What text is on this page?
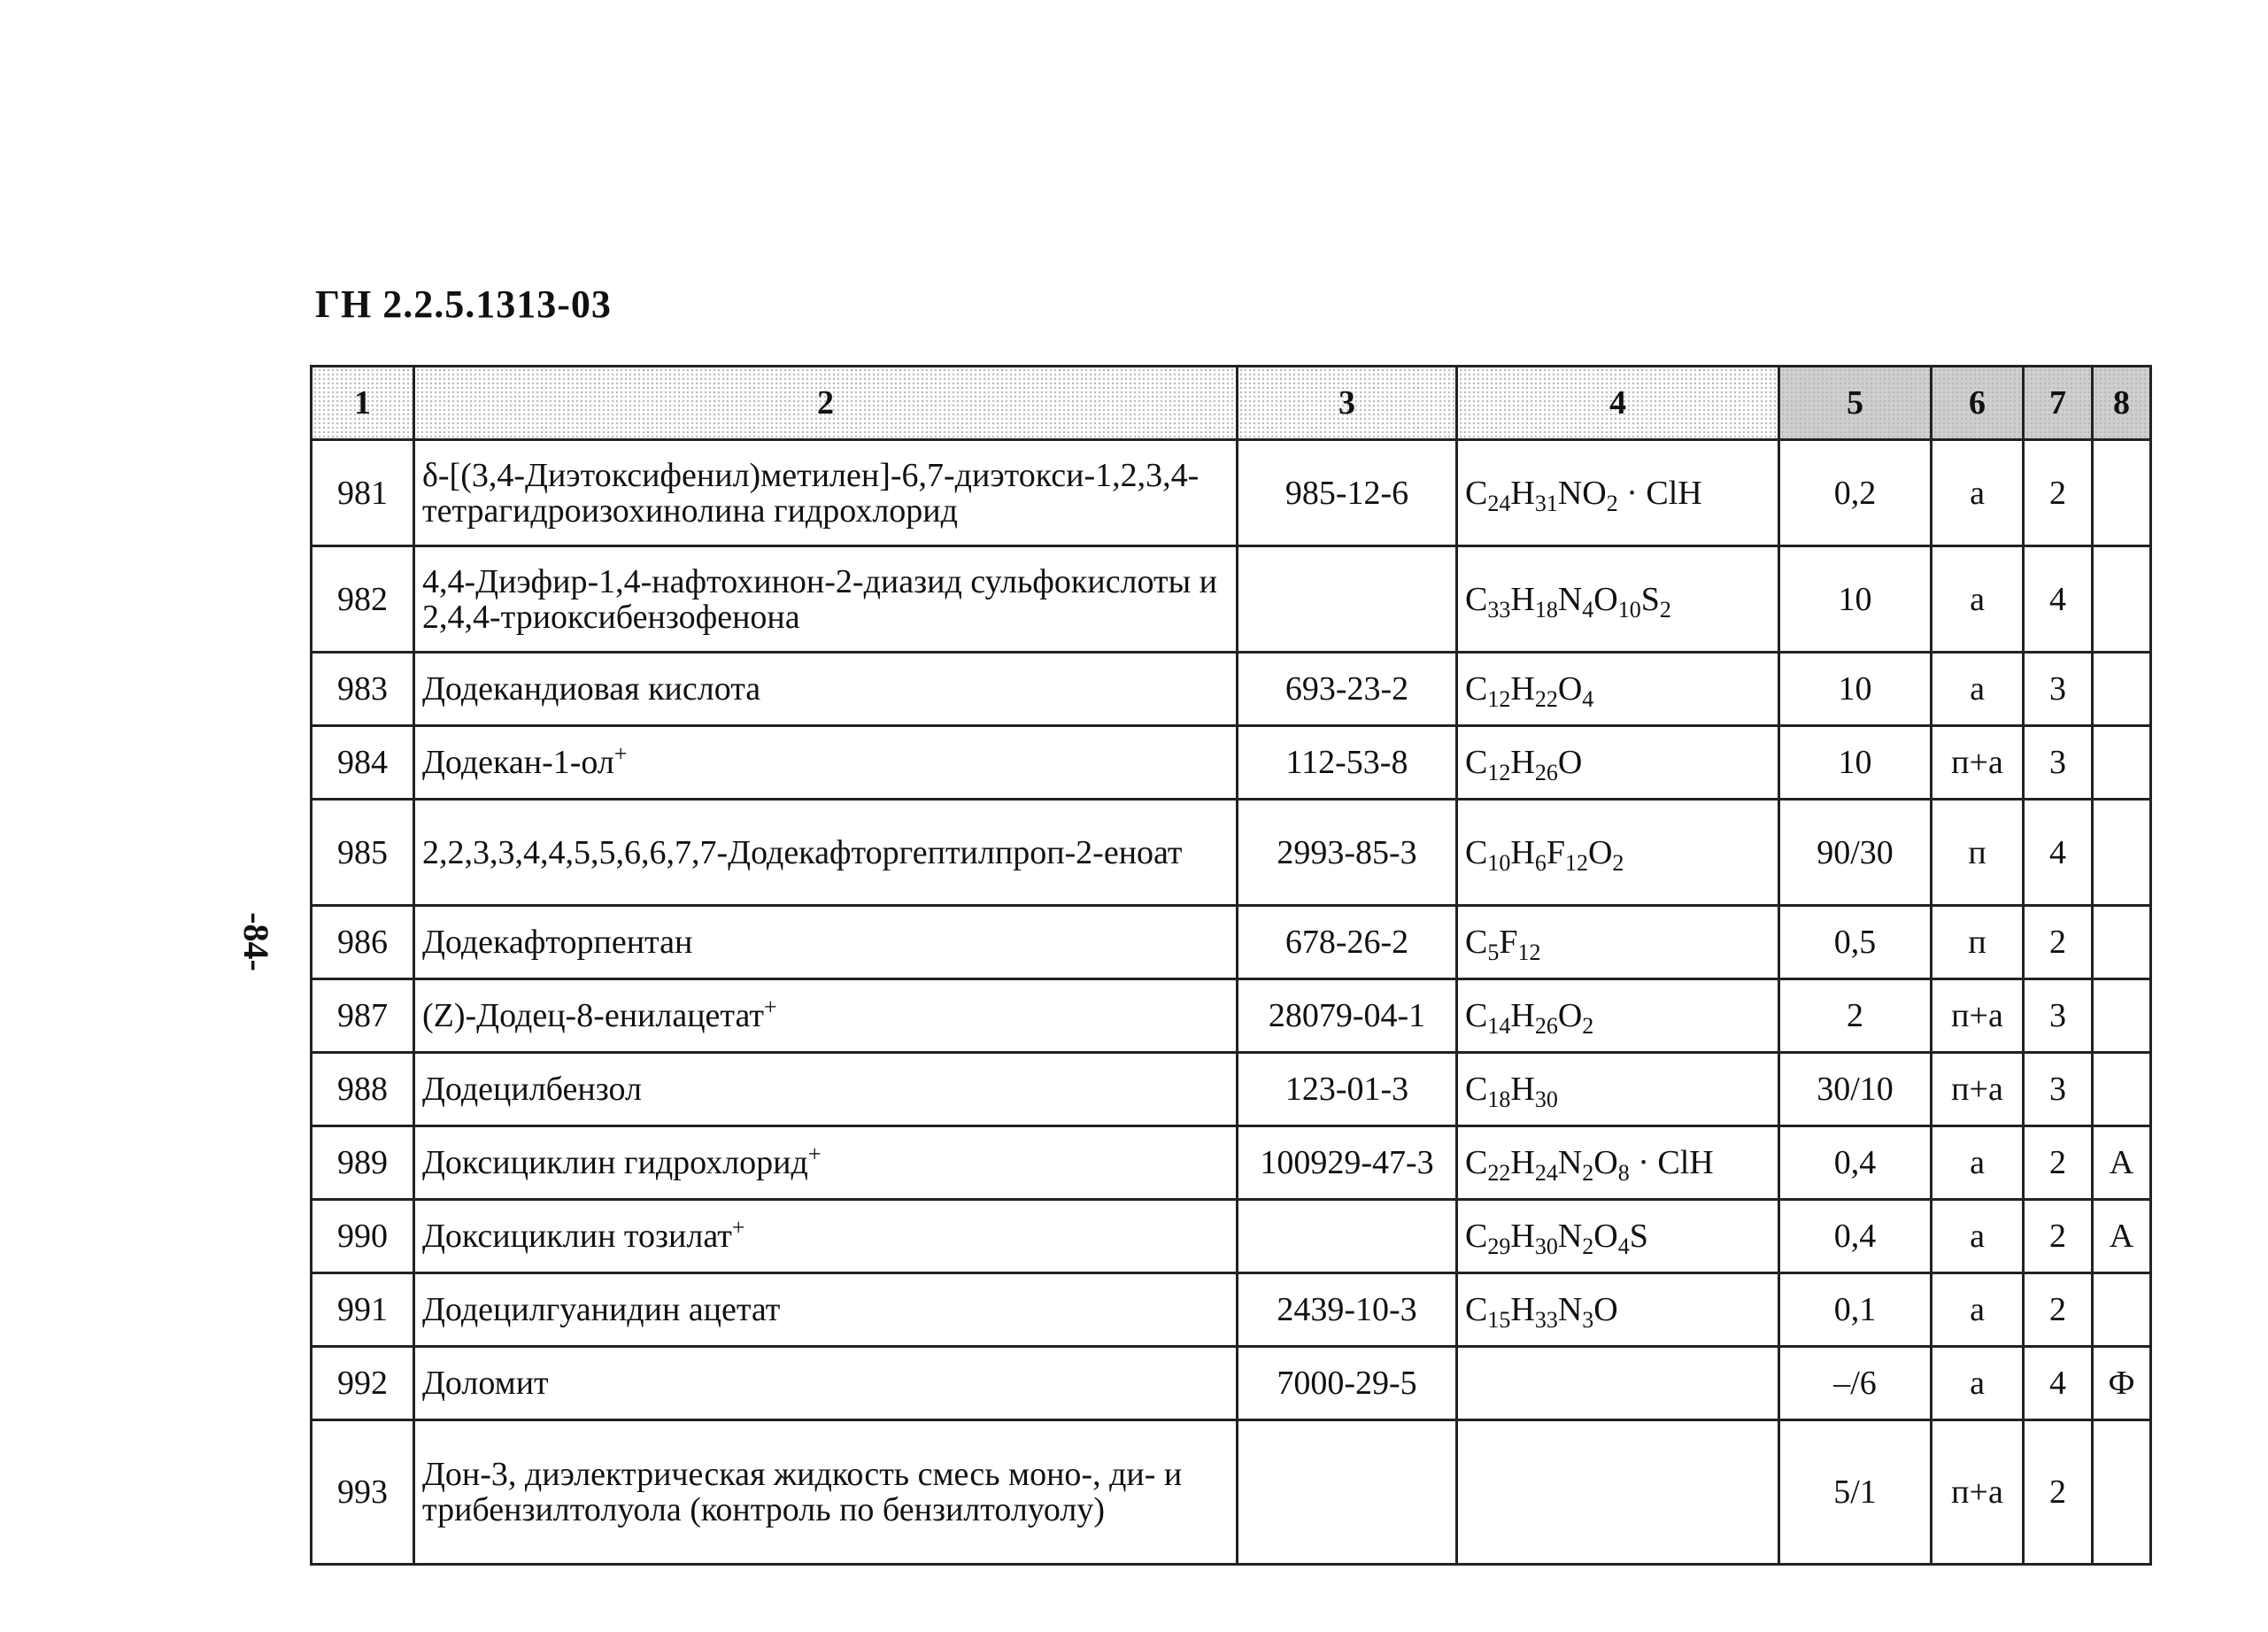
ГН 2.2.5.1313-03
-84-
1	2	3	4	5	6	7	8
981	δ-[(3,4-Диэтоксифенил)метилен]-6,7-диэтокси-1,2,3,4-тетрагидроизохинолина гидрохлорид	985-12-6	$C_{24}H_{31}NO_2$ · ClH	0,2	а	2	
982	4,4-Диэфир-1,4-нафтохинон-2-диазид сульфокислоты и 2,4,4-триоксибензофенона		$C_{33}H_{18}N_4O_{10}S_2$	10	а	4	
983	Додекандиовая кислота	693-23-2	$C_{12}H_{22}O_4$	10	а	3	
984	Додекан-1-ол+	112-53-8	$C_{12}H_{26}O$	10	п+а	3	
985	2,2,3,3,4,4,5,5,6,6,7,7-Додекафторгептилпроп-2-еноат	2993-85-3	$C_{10}H_6F_{12}O_2$	90/30	п	4	
986	Додекафторпентан	678-26-2	$C_5F_{12}$	0,5	п	2	
987	(Z)-Додец-8-енилацетат+	28079-04-1	$C_{14}H_{26}O_2$	2	п+а	3	
988	Додецилбензол	123-01-3	$C_{18}H_{30}$	30/10	п+а	3	
989	Доксициклин гидрохлорид+	100929-47-3	$C_{22}H_{24}N_2O_8$ · ClH	0,4	а	2	А
990	Доксициклин тозилат+		$C_{29}H_{30}N_2O_4S$	0,4	а	2	А
991	Додецилгуанидин ацетат	2439-10-3	$C_{15}H_{33}N_3O$	0,1	а	2	
992	Доломит	7000-29-5		–/6	а	4	Ф
993	Дон-3, диэлектрическая жидкость смесь моно-, ди- и трибензилтолуола (контроль по бензилтолуолу)			5/1	п+а	2	
